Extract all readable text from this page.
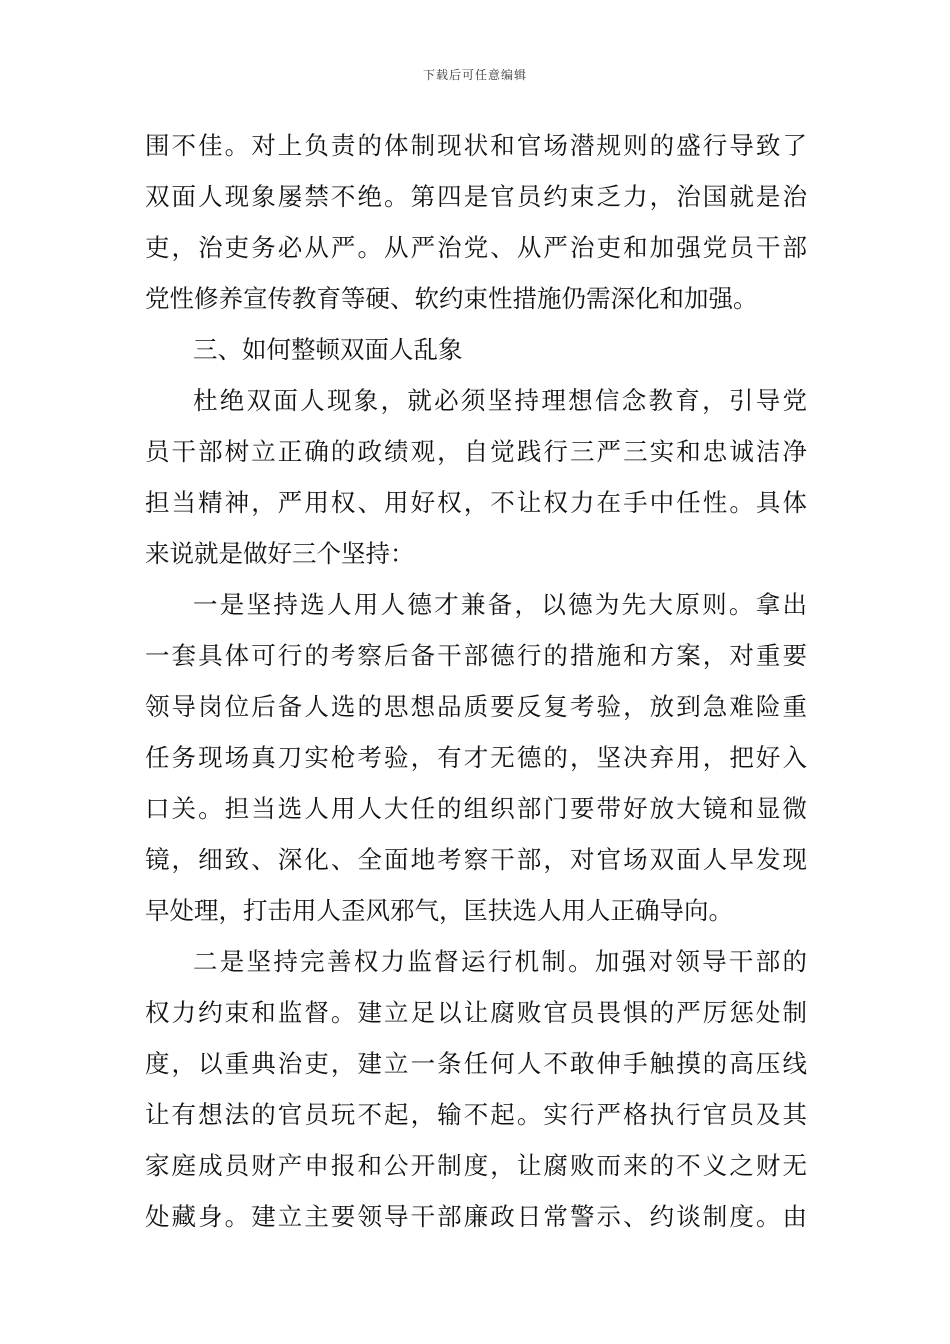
下载后可任意编辑
围不佳。对上负责的体制现状和官场潜规则的盛行导致了
双面人现象屡禁不绝。第四是官员约束乏力，治国就是治
吏，治吏务必从严。从严治党、从严治吏和加强党员干部
党性修养宣传教育等硬、软约束性措施仍需深化和加强。
三、如何整顿双面人乱象
杜绝双面人现象，就必须坚持理想信念教育，引导党
员干部树立正确的政绩观，自觉践行三严三实和忠诚洁净
担当精神，严用权、用好权，不让权力在手中任性。具体
来说就是做好三个坚持：
一是坚持选人用人德才兼备，以德为先大原则。拿出
一套具体可行的考察后备干部德行的措施和方案，对重要
领导岗位后备人选的思想品质要反复考验，放到急难险重
任务现场真刀实枪考验，有才无德的，坚决弃用，把好入
口关。担当选人用人大任的组织部门要带好放大镜和显微
镜，细致、深化、全面地考察干部，对官场双面人早发现
早处理，打击用人歪风邪气，匡扶选人用人正确导向。
二是坚持完善权力监督运行机制。加强对领导干部的
权力约束和监督。建立足以让腐败官员畏惧的严厉惩处制
度，以重典治吏，建立一条任何人不敢伸手触摸的高压线
让有想法的官员玩不起，输不起。实行严格执行官员及其
家庭成员财产申报和公开制度，让腐败而来的不义之财无
处藏身。建立主要领导干部廉政日常警示、约谈制度。由
